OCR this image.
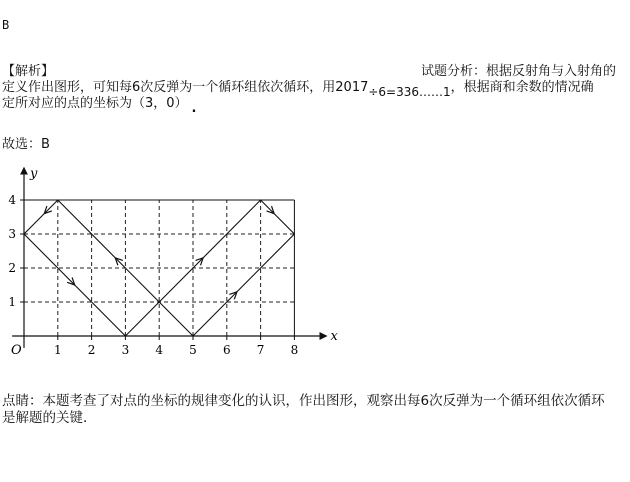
B
【解析】	试题分析：根据反射角与入射角的
定义作出图形，可知每6次反弹为一个循环组依次循环，用2017÷6=336……1，根据商和余数的情况确
定所对应的点的坐标为（3，0） .
故选：B
1 2 3 4 5 6 7 8
1
2
3
4
O
x
y
点睛：本题考查了对点的坐标的规律变化的认识，作出图形，观察出每6次反弹为一个循环组依次循环
是解题的关键．
